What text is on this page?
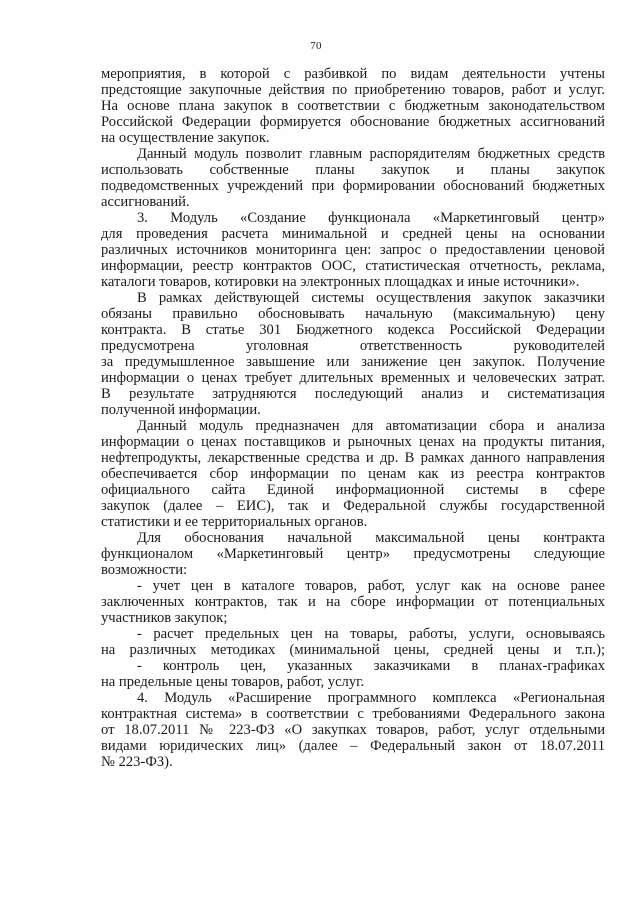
70
мероприятия, в которой с разбивкой по видам деятельности учтены
предстоящие закупочные действия по приобретению товаров, работ и услуг.
На основе плана закупок в соответствии с бюджетным законодательством
Российской Федерации формируется обоснование бюджетных ассигнований
на осуществление закупок.
Данный модуль позволит главным распорядителям бюджетных средств
использовать собственные планы закупок и планы закупок
подведомственных учреждений при формировании обоснований бюджетных
ассигнований.
3. Модуль «Создание функционала «Маркетинговый центр»
для проведения расчета минимальной и средней цены на основании
различных источников мониторинга цен: запрос о предоставлении ценовой
информации, реестр контрактов ООС, статистическая отчетность, реклама,
каталоги товаров, котировки на электронных площадках и иные источники».
В рамках действующей системы осуществления закупок заказчики
обязаны правильно обосновывать начальную (максимальную) цену
контракта. В статье 301 Бюджетного кодекса Российской Федерации
предусмотрена уголовная ответственность руководителей
за предумышленное завышение или занижение цен закупок. Получение
информации о ценах требует длительных временных и человеческих затрат.
В результате затрудняются последующий анализ и систематизация
полученной информации.
Данный модуль предназначен для автоматизации сбора и анализа
информации о ценах поставщиков и рыночных ценах на продукты питания,
нефтепродукты, лекарственные средства и др. В рамках данного направления
обеспечивается сбор информации по ценам как из реестра контрактов
официального сайта Единой информационной системы в сфере
закупок (далее – ЕИС), так и Федеральной службы государственной
статистики и ее территориальных органов.
Для обоснования начальной максимальной цены контракта
функционалом «Маркетинговый центр» предусмотрены следующие
возможности:
- учет цен в каталоге товаров, работ, услуг как на основе ранее
заключенных контрактов, так и на сборе информации от потенциальных
участников закупок;
- расчет предельных цен на товары, работы, услуги, основываясь
на различных методиках (минимальной цены, средней цены и т.п.);
- контроль цен, указанных заказчиками в планах-графиках
на предельные цены товаров, работ, услуг.
4. Модуль «Расширение программного комплекса «Региональная
контрактная система» в соответствии с требованиями Федерального закона
от 18.07.2011 № 223-ФЗ «О закупках товаров, работ, услуг отдельными
видами юридических лиц» (далее – Федеральный закон от 18.07.2011
№ 223-ФЗ).
